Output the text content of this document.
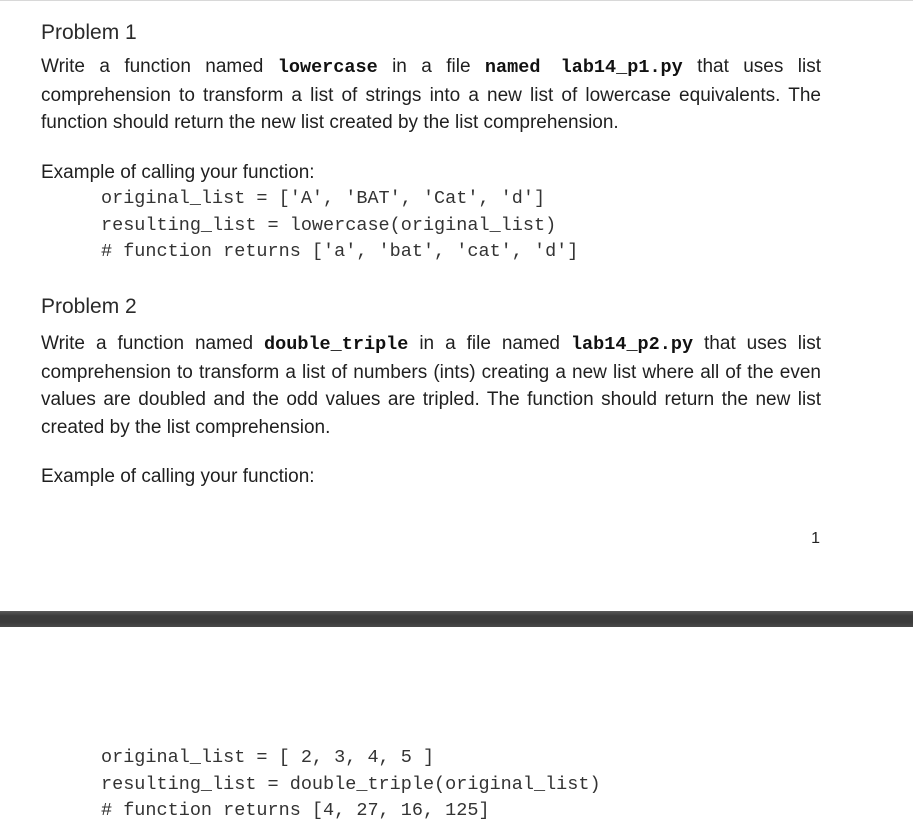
Problem 1

Write a function named lowercase in a file named lab14_p1.py that uses list comprehension to transform a list of strings into a new list of lowercase equivalents. The function should return the new list created by the list comprehension.

Example of calling your function:

original_list = ['A', 'BAT', 'Cat', 'd']
resulting_list = lowercase(original_list)
# function returns ['a', 'bat', 'cat', 'd']
Problem 2

Write a function named double_triple in a file named lab14_p2.py that uses list comprehension to transform a list of numbers (ints) creating a new list where all of the even values are doubled and the odd values are tripled. The function should return the new list created by the list comprehension.

Example of calling your function:

1
original_list = [ 2, 3, 4, 5 ]
resulting_list = double_triple(original_list)
# function returns [4, 27, 16, 125]
